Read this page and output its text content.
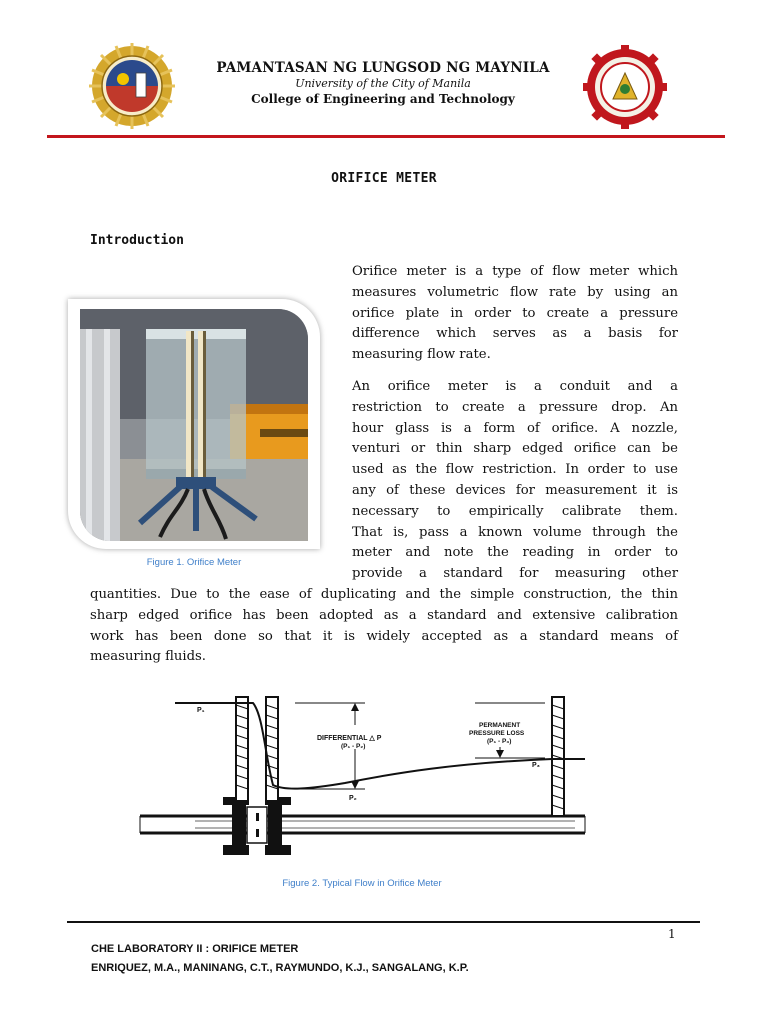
PAMANTASAN NG LUNGSOD NG MAYNILA
University of the City of Manila
College of Engineering and Technology
ORIFICE METER
Introduction
Figure 1. Orifice Meter
Orifice meter is a type of flow meter which
measures volumetric flow rate by using an
orifice plate in order to create a pressure
difference which serves as a basis for
measuring flow rate.
An orifice meter is a conduit and a
restriction to create a pressure drop. An
hour glass is a form of orifice. A nozzle,
venturi or thin sharp edged orifice can be
used as the flow restriction. In order to use
any of these devices for measurement it is
necessary to empirically calibrate them.
That is, pass a known volume through the
meter and note the reading in order to
provide a standard for measuring other
quantities. Due to the ease of duplicating and the simple construction, the thin
sharp edged orifice has been adopted as a standard and extensive calibration
work has been done so that it is widely accepted as a standard means of
measuring fluids.
P₁
P₂
P₃
DIFFERENTIAL △ P
(P₁ - P₂)
PERMANENT
PRESSURE LOSS
(P₁ - P₃)
Figure 2. Typical Flow in Orifice Meter
1
CHE LABORATORY II : ORIFICE METER
ENRIQUEZ, M.A., MANINANG, C.T., RAYMUNDO, K.J., SANGALANG, K.P.
